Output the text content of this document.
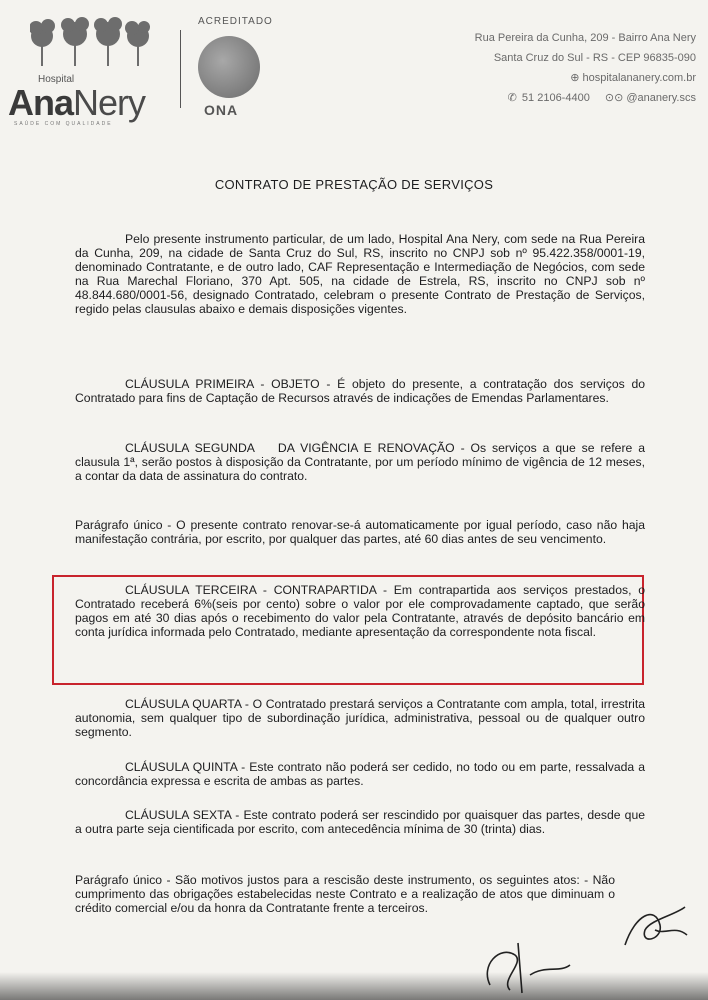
Hospital
AnaNery
SAÚDE COM QUALIDADE
ACREDITADO
ONA
Rua Pereira da Cunha, 209 - Bairro Ana Nery
Santa Cruz do Sul - RS - CEP 96835-090
⊕ hospitalananery.com.br
✆ 51 2106-4400 ⊙⊙ @ananery.scs
CONTRATO DE PRESTAÇÃO DE SERVIÇOS
Pelo presente instrumento particular, de um lado, Hospital Ana Nery, com sede na Rua Pereira da Cunha, 209, na cidade de Santa Cruz do Sul, RS, inscrito no CNPJ sob nº 95.422.358/0001-19, denominado Contratante, e de outro lado, CAF Representação e Intermediação de Negócios, com sede na Rua Marechal Floriano, 370 Apt. 505, na cidade de Estrela, RS, inscrito no CNPJ sob nº 48.844.680/0001-56, designado Contratado, celebram o presente Contrato de Prestação de Serviços, regido pelas clausulas abaixo e demais disposições vigentes.
CLÁUSULA PRIMEIRA - OBJETO - É objeto do presente, a contratação dos serviços do Contratado para fins de Captação de Recursos através de indicações de Emendas Parlamentares.
CLÁUSULA SEGUNDA    DA VIGÊNCIA E RENOVAÇÃO - Os serviços a que se refere a clausula 1ª, serão postos à disposição da Contratante, por um período mínimo de vigência de 12 meses, a contar da data de assinatura do contrato.
Parágrafo único - O presente contrato renovar-se-á automaticamente por igual período, caso não haja manifestação contrária, por escrito, por qualquer das partes, até 60 dias antes de seu vencimento.
CLÁUSULA TERCEIRA - CONTRAPARTIDA - Em contrapartida aos serviços prestados, o Contratado receberá 6%(seis por cento) sobre o valor por ele comprovadamente captado, que serão pagos em até 30 dias após o recebimento do valor pela Contratante, através de depósito bancário em conta jurídica informada pelo Contratado, mediante apresentação da correspondente nota fiscal.
CLÁUSULA QUARTA - O Contratado prestará serviços a Contratante com ampla, total, irrestrita autonomia, sem qualquer tipo de subordinação jurídica, administrativa, pessoal ou de qualquer outro segmento.
CLÁUSULA QUINTA - Este contrato não poderá ser cedido, no todo ou em parte, ressalvada a concordância expressa e escrita de ambas as partes.
CLÁUSULA SEXTA - Este contrato poderá ser rescindido por quaisquer das partes, desde que a outra parte seja cientificada por escrito, com antecedência mínima de 30 (trinta) dias.
Parágrafo único - São motivos justos para a rescisão deste instrumento, os seguintes atos: - Não cumprimento das obrigações estabelecidas neste Contrato e a realização de atos que diminuam o crédito comercial e/ou da honra da Contratante frente a terceiros.
